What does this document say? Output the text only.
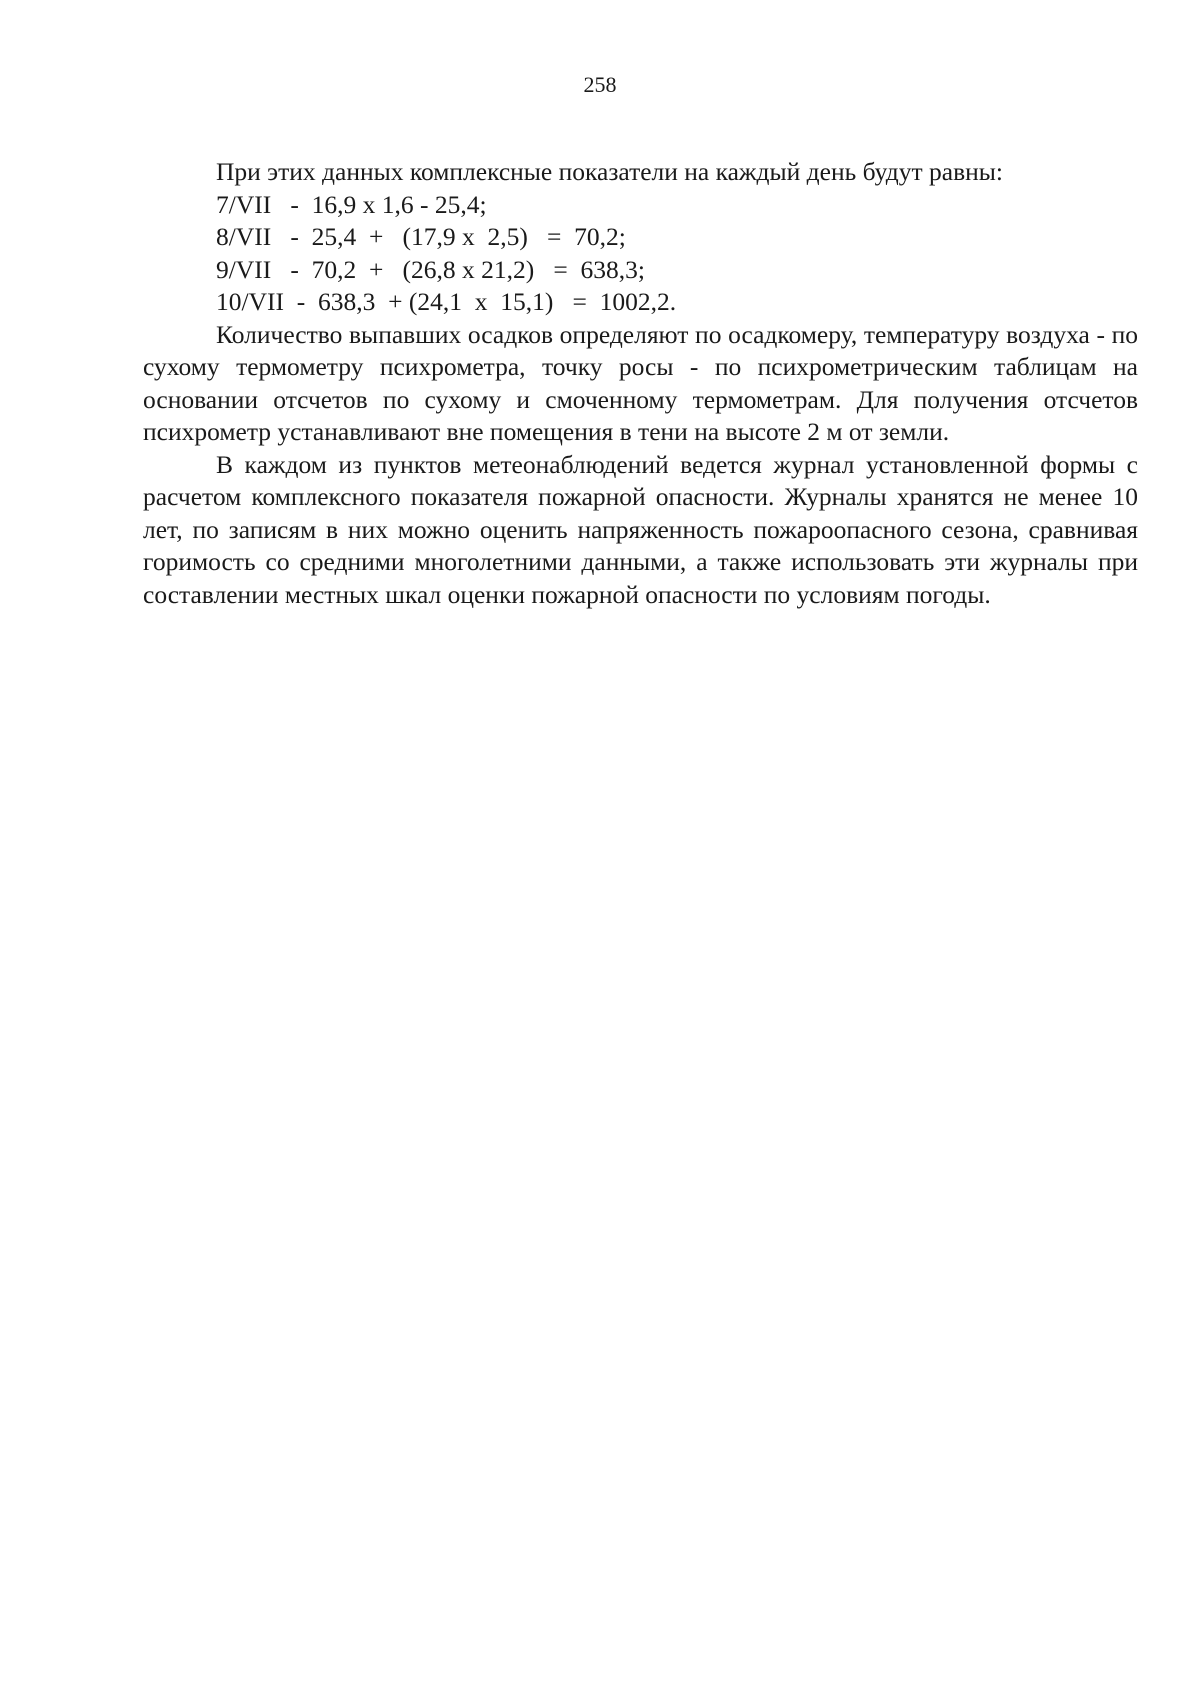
258

При этих данных комплексные показатели на каждый день будут равны:

7/VII   -  16,9 x 1,6 - 25,4;

8/VII   -  25,4  +   (17,9 x  2,5)   =  70,2;

9/VII   -  70,2  +   (26,8 x 21,2)   =  638,3;

10/VII  -  638,3  + (24,1  x  15,1)   =  1002,2.

Количество выпавших осадков определяют по осадкомеру, температуру воздуха - по сухому термометру психрометра, точку росы - по психрометрическим таблицам на основании отсчетов по сухому и смоченному термометрам. Для получения отсчетов психрометр устанавливают вне помещения в тени на высоте 2 м от земли.

В каждом из пунктов метеонаблюдений ведется журнал установленной формы с расчетом комплексного показателя пожарной опасности. Журналы хранятся не менее 10 лет, по записям в них можно оценить напряженность пожароопасного сезона, сравнивая горимость со средними многолетними данными, а также использовать эти журналы при составлении местных шкал оценки пожарной опасности по условиям погоды.
